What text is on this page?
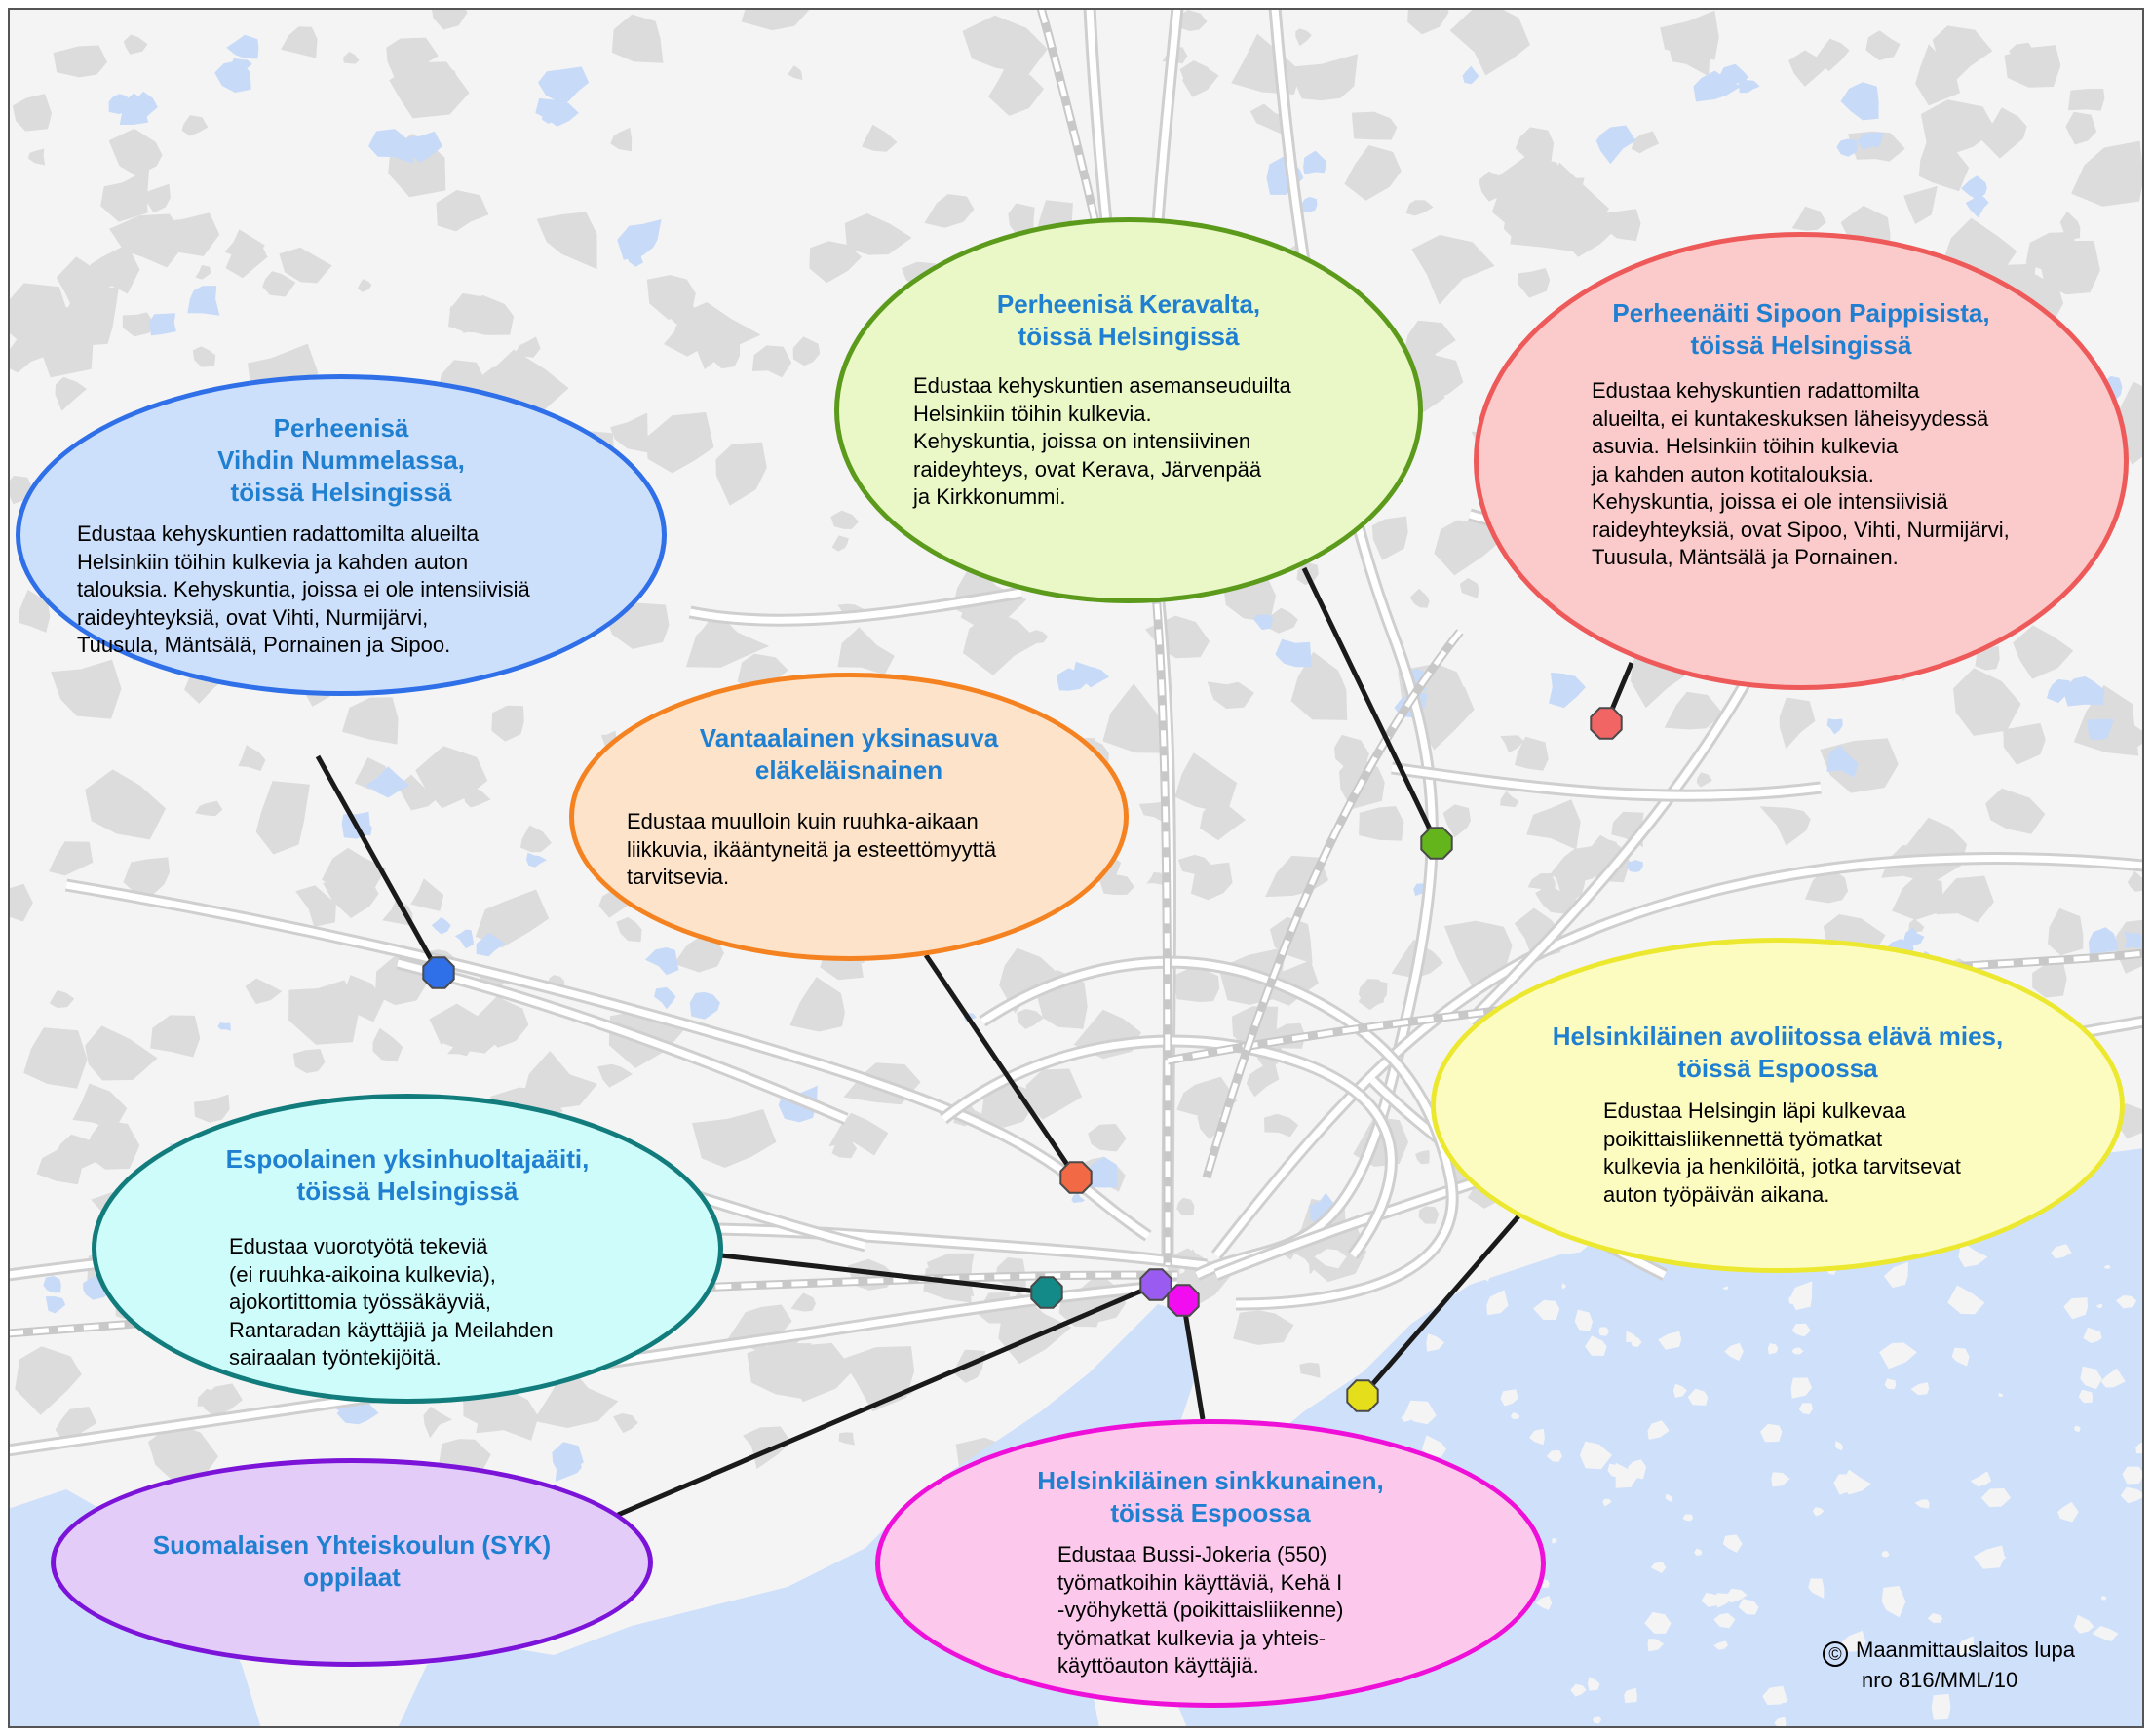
Perheenisä
Vihdin Nummelassa,
töissä Helsingissä
Edustaa kehyskuntien radattomilta alueilta
Helsinkiin töihin kulkevia ja kahden auton
talouksia. Kehyskuntia, joissa ei ole intensiivisiä
raideyhteyksiä, ovat Vihti, Nurmijärvi,
Tuusula, Mäntsälä, Pornainen ja Sipoo.
Perheenisä Keravalta,
töissä Helsingissä
Edustaa kehyskuntien asemanseuduilta
Helsinkiin töihin kulkevia.
Kehyskuntia, joissa on intensiivinen
raideyhteys, ovat Kerava, Järvenpää
ja Kirkkonummi.
Perheenäiti Sipoon Paippisista,
töissä Helsingissä
Edustaa kehyskuntien radattomilta
alueilta, ei kuntakeskuksen läheisyydessä
asuvia. Helsinkiin töihin kulkevia
ja kahden auton kotitalouksia.
Kehyskuntia, joissa ei ole intensiivisiä
raideyhteyksiä, ovat Sipoo, Vihti, Nurmijärvi,
Tuusula, Mäntsälä ja Pornainen.
Vantaalainen yksinasuva
eläkeläisnainen
Edustaa muulloin kuin ruuhka-aikaan
liikkuvia, ikääntyneitä ja esteettömyyttä
tarvitsevia.
Helsinkiläinen avoliitossa elävä mies,
töissä Espoossa
Edustaa Helsingin läpi kulkevaa
poikittaisliikennettä työmatkat
kulkevia ja henkilöitä, jotka tarvitsevat
auton työpäivän aikana.
Espoolainen yksinhuoltajaäiti,
töissä Helsingissä
Edustaa vuorotyötä tekeviä
(ei ruuhka-aikoina kulkevia),
ajokortittomia työssäkäyviä,
Rantaradan käyttäjiä ja Meilahden
sairaalan työntekijöitä.
Suomalaisen Yhteiskoulun (SYK)
oppilaat
Helsinkiläinen sinkkunainen,
töissä Espoossa
Edustaa Bussi-Jokeria (550)
työmatkoihin käyttäviä, Kehä I
-vyöhykettä (poikittaisliikenne)
työmatkat kulkevia ja yhteis-
käyttöauton käyttäjiä.	© Maanmittauslaitos lupa
nro 816/MML/10
